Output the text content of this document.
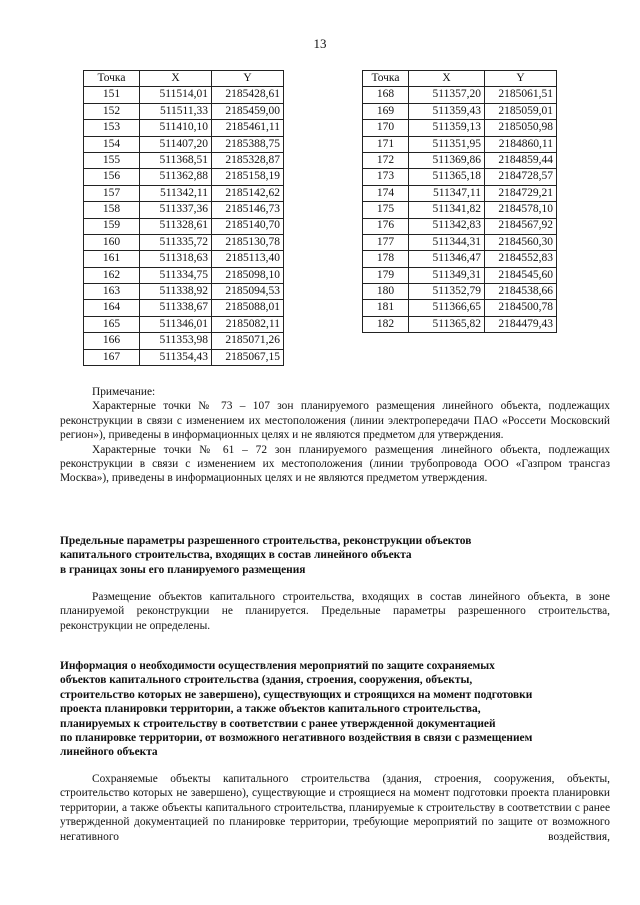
13
Точка	X	Y
151	511514,01	2185428,61
152	511511,33	2185459,00
153	511410,10	2185461,11
154	511407,20	2185388,75
155	511368,51	2185328,87
156	511362,88	2185158,19
157	511342,11	2185142,62
158	511337,36	2185146,73
159	511328,61	2185140,70
160	511335,72	2185130,78
161	511318,63	2185113,40
162	511334,75	2185098,10
163	511338,92	2185094,53
164	511338,67	2185088,01
165	511346,01	2185082,11
166	511353,98	2185071,26
167	511354,43	2185067,15
Точка	X	Y
168	511357,20	2185061,51
169	511359,43	2185059,01
170	511359,13	2185050,98
171	511351,95	2184860,11
172	511369,86	2184859,44
173	511365,18	2184728,57
174	511347,11	2184729,21
175	511341,82	2184578,10
176	511342,83	2184567,92
177	511344,31	2184560,30
178	511346,47	2184552,83
179	511349,31	2184545,60
180	511352,79	2184538,66
181	511366,65	2184500,78
182	511365,82	2184479,43

Примечание:

Характерные точки № 73 – 107 зон планируемого размещения линейного объекта, подлежащих реконструкции в связи с изменением их местоположения (линии электропередачи ПАО «Россети Московский регион»), приведены в информационных целях и не являются предметом для утверждения.

Характерные точки № 61 – 72 зон планируемого размещения линейного объекта, подлежащих реконструкции в связи с изменением их местоположения (линии трубопровода ООО «Газпром трансгаз Москва»), приведены в информационных целях и не являются предметом утверждения.

Предельные параметры разрешенного строительства, реконструкции объектов
капитального строительства, входящих в состав линейного объекта
в границах зоны его планируемого размещения

Размещение объектов капитального строительства, входящих в состав линейного объекта, в зоне планируемой реконструкции не планируется. Предельные параметры разрешенного строительства, реконструкции не определены.

Информация о необходимости осуществления мероприятий по защите сохраняемых
объектов капитального строительства (здания, строения, сооружения, объекты,
строительство которых не завершено), существующих и строящихся на момент подготовки
проекта планировки территории, а также объектов капитального строительства,
планируемых к строительству в соответствии с ранее утвержденной документацией
по планировке территории, от возможного негативного воздействия в связи с размещением
линейного объекта

Сохраняемые объекты капитального строительства (здания, строения, сооружения, объекты, строительство которых не завершено), существующие и строящиеся на момент подготовки проекта планировки территории, а также объекты капитального строительства, планируемые к строительству в соответствии с ранее утвержденной документацией по планировке территории, требующие мероприятий по защите от возможного негативного воздействия,
